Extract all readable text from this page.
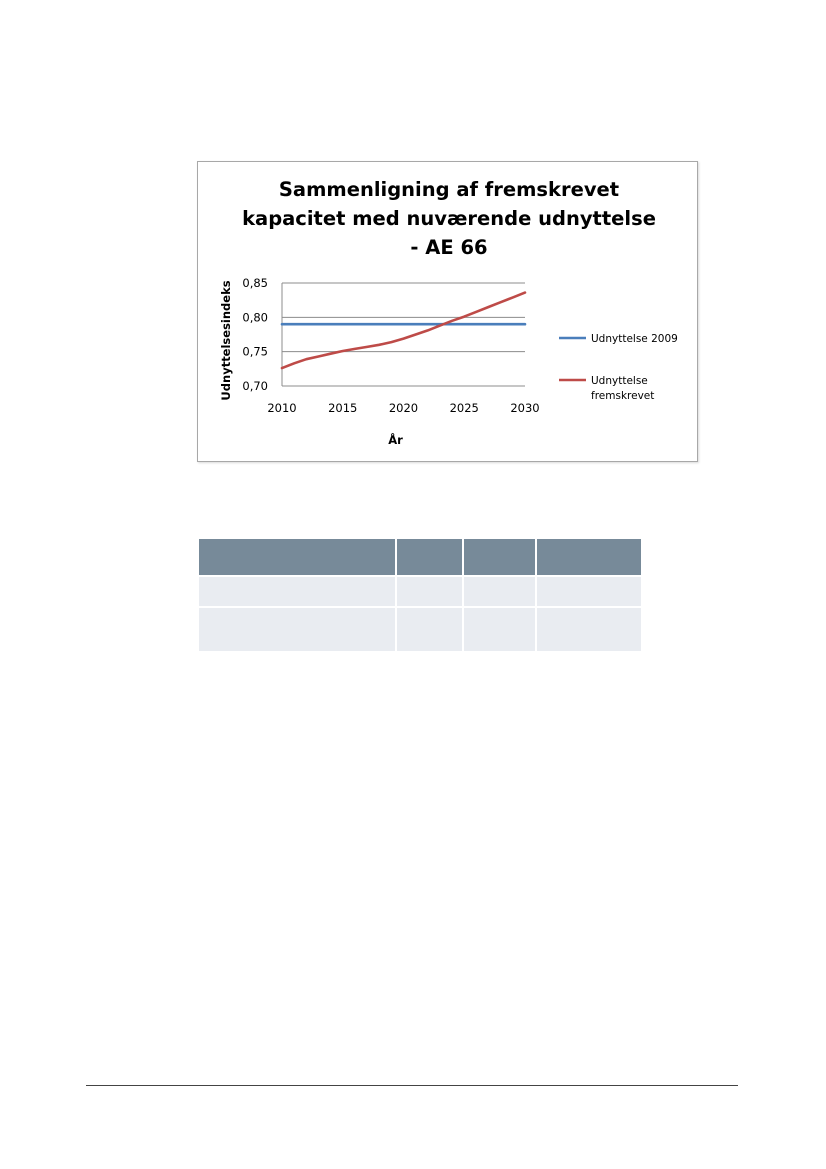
Sammenligning af fremskrevet
kapacitet med nuværende udnyttelse
- AE 66
0,70
0,75
0,80
0,85
2010	2015	2020	2025	2030
Udnyttelsesindeks
År
Udnyttelse 2009
Udnyttelse
fremskrevet
